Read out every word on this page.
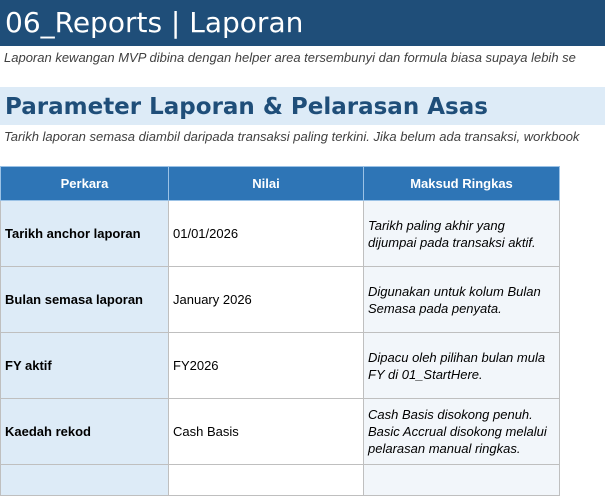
06_Reports | Laporan
Laporan kewangan MVP dibina dengan helper area tersembunyi dan formula biasa supaya lebih se
Parameter Laporan & Pelarasan Asas
Tarikh laporan semasa diambil daripada transaksi paling terkini. Jika belum ada transaksi, workbook
Perkara	Nilai	Maksud Ringkas
Tarikh anchor laporan	01/01/2026	Tarikh paling akhir yang dijumpai pada transaksi aktif.
Bulan semasa laporan	January 2026	Digunakan untuk kolum Bulan Semasa pada penyata.
FY aktif	FY2026	Dipacu oleh pilihan bulan mula FY di 01_StartHere.
Kaedah rekod	Cash Basis	Cash Basis disokong penuh. Basic Accrual disokong melalui pelarasan manual ringkas.
